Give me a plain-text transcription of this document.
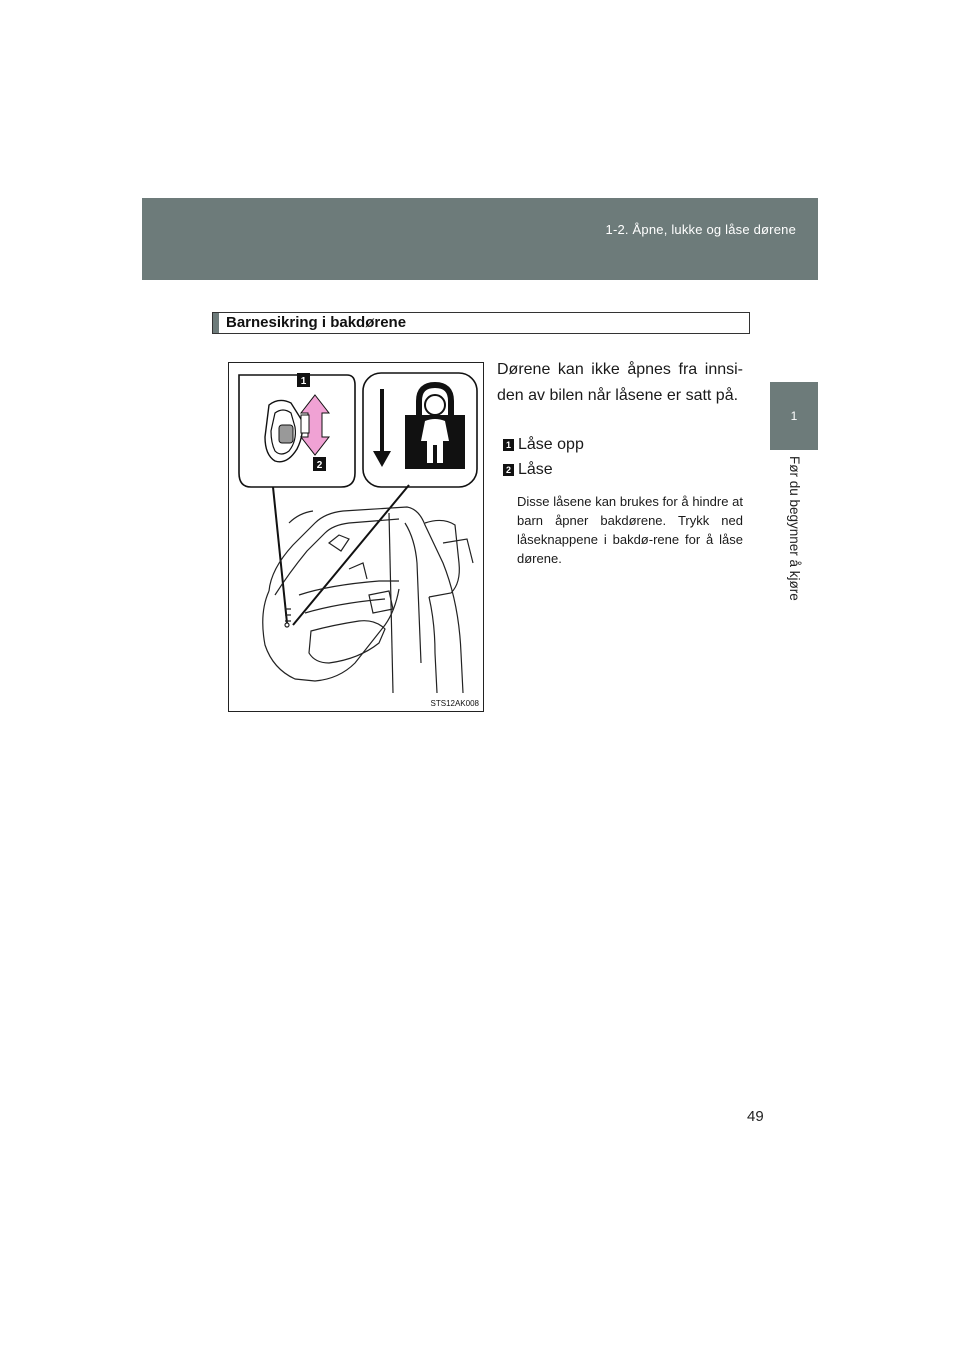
1-2. Åpne, lukke og låse dørene
1
Før du begynner å kjøre
Barnesikring i bakdørene
1
2
STS12AK008
Dørene kan ikke åpnes fra innsi-den av bilen når låsene er satt på.
1 Låse opp
2 Låse
Disse låsene kan brukes for å hindre at barn åpner bakdørene. Trykk ned låseknappene i bakdø-rene for å låse dørene.
49
